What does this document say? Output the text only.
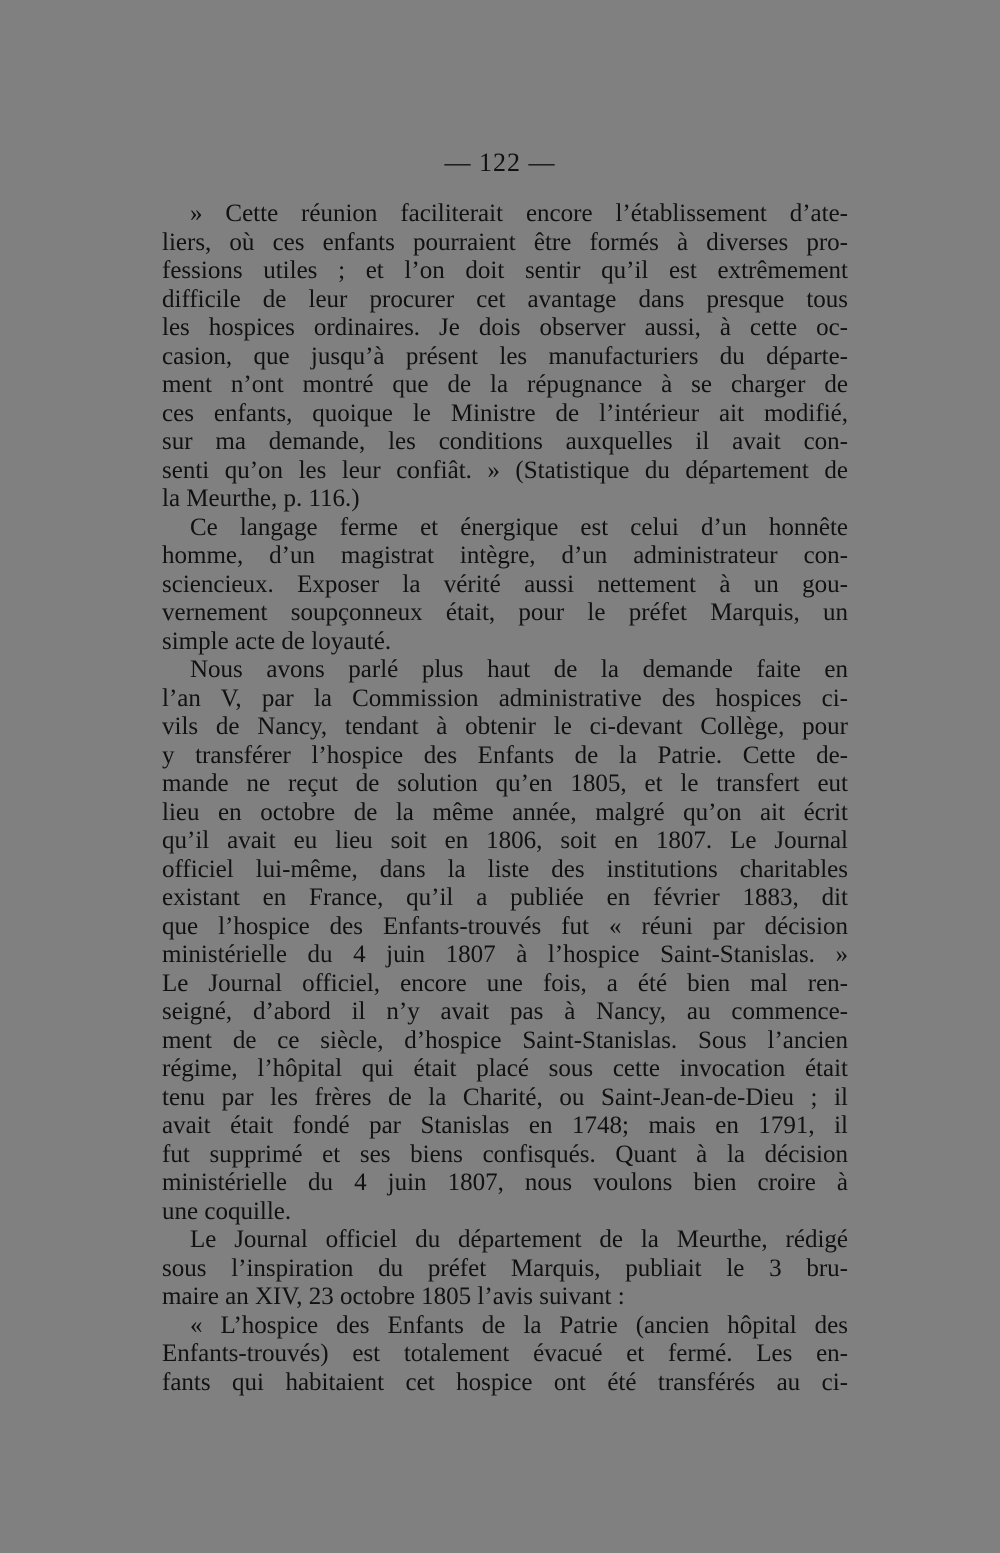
— 122 —
» Cette réunion faciliterait encore l’établissement d’ate-
liers, où ces enfants pourraient être formés à diverses pro-
fessions utiles ; et l’on doit sentir qu’il est extrêmement
difficile de leur procurer cet avantage dans presque tous
les hospices ordinaires. Je dois observer aussi, à cette oc-
casion, que jusqu’à présent les manufacturiers du départe-
ment n’ont montré que de la répugnance à se charger de
ces enfants, quoique le Ministre de l’intérieur ait modifié,
sur ma demande, les conditions auxquelles il avait con-
senti qu’on les leur confiât. » (Statistique du département de
la Meurthe, p. 116.)
Ce langage ferme et énergique est celui d’un honnête
homme, d’un magistrat intègre, d’un administrateur con-
sciencieux. Exposer la vérité aussi nettement à un gou-
vernement soupçonneux était, pour le préfet Marquis, un
simple acte de loyauté.
Nous avons parlé plus haut de la demande faite en
l’an V, par la Commission administrative des hospices ci-
vils de Nancy, tendant à obtenir le ci-devant Collège, pour
y transférer l’hospice des Enfants de la Patrie. Cette de-
mande ne reçut de solution qu’en 1805, et le transfert eut
lieu en octobre de la même année, malgré qu’on ait écrit
qu’il avait eu lieu soit en 1806, soit en 1807. Le Journal
officiel lui-même, dans la liste des institutions charitables
existant en France, qu’il a publiée en février 1883, dit
que l’hospice des Enfants-trouvés fut « réuni par décision
ministérielle du 4 juin 1807 à l’hospice Saint-Stanislas. »
Le Journal officiel, encore une fois, a été bien mal ren-
seigné, d’abord il n’y avait pas à Nancy, au commence-
ment de ce siècle, d’hospice Saint-Stanislas. Sous l’ancien
régime, l’hôpital qui était placé sous cette invocation était
tenu par les frères de la Charité, ou Saint-Jean-de-Dieu ; il
avait était fondé par Stanislas en 1748; mais en 1791, il
fut supprimé et ses biens confisqués. Quant à la décision
ministérielle du 4 juin 1807, nous voulons bien croire à
une coquille.
Le Journal officiel du département de la Meurthe, rédigé
sous l’inspiration du préfet Marquis, publiait le 3 bru-
maire an XIV, 23 octobre 1805 l’avis suivant :
« L’hospice des Enfants de la Patrie (ancien hôpital des
Enfants-trouvés) est totalement évacué et fermé. Les en-
fants qui habitaient cet hospice ont été transférés au ci-
